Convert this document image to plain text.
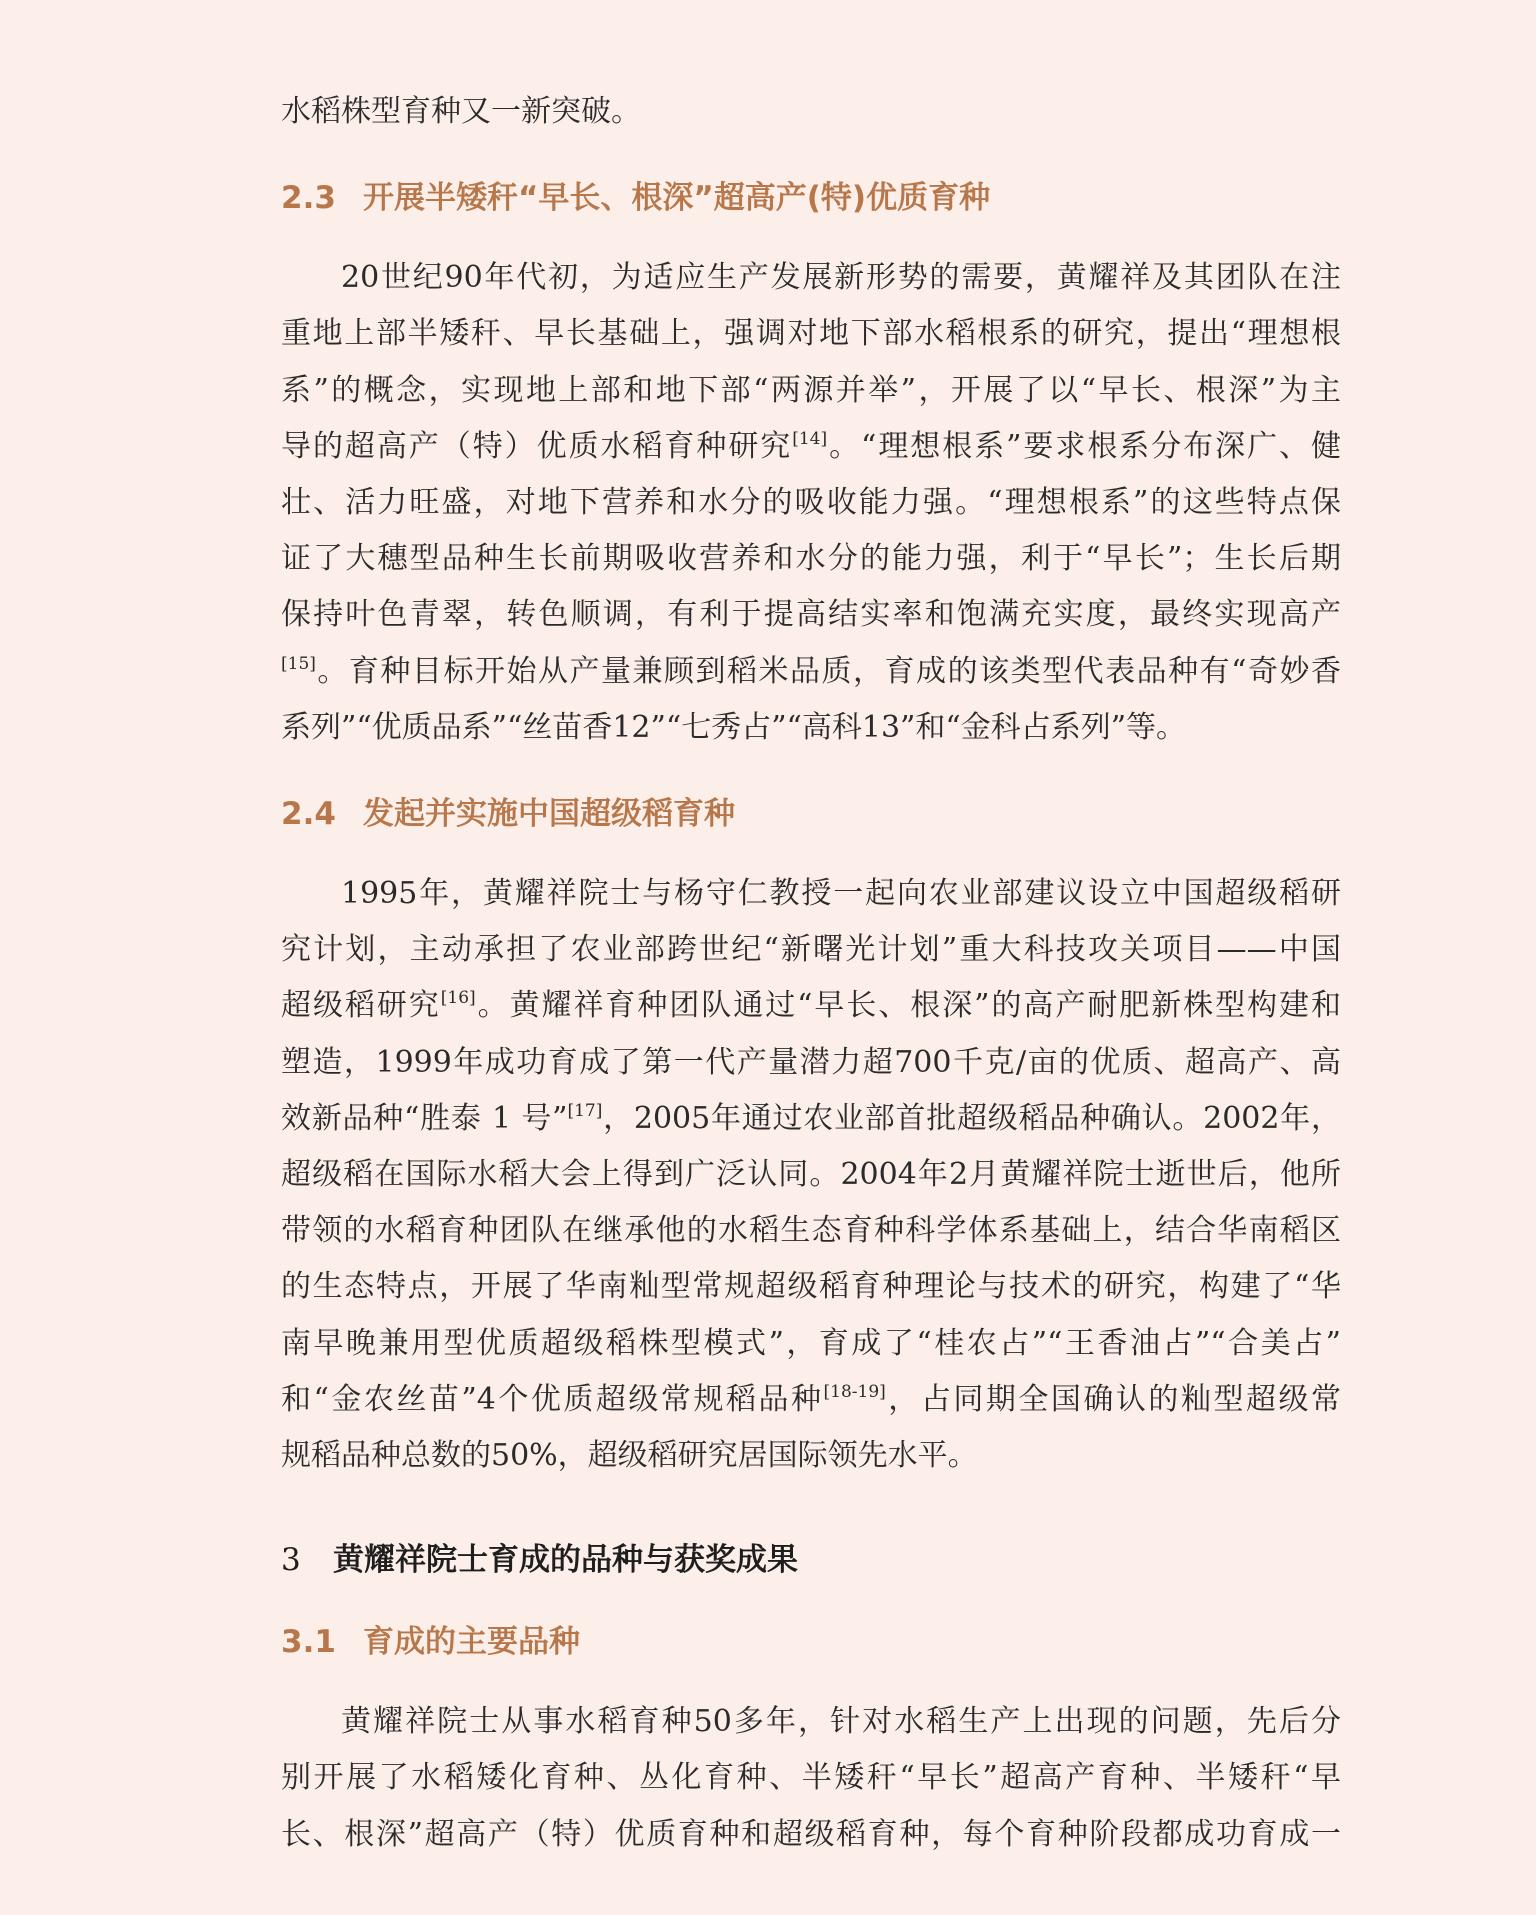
水稻株型育种又一新突破。

2.3 开展半矮秆“早长、根深”超高产(特)优质育种

20世纪90年代初，为适应生产发展新形势的需要，黄耀祥及其团队在注

重地上部半矮秆、早长基础上，强调对地下部水稻根系的研究，提出“理想根

系”的概念，实现地上部和地下部“两源并举”，开展了以“早长、根深”为主

导的超高产（特）优质水稻育种研究[14]。“理想根系”要求根系分布深广、健

壮、活力旺盛，对地下营养和水分的吸收能力强。“理想根系”的这些特点保

证了大穗型品种生长前期吸收营养和水分的能力强，利于“早长”；生长后期

保持叶色青翠，转色顺调，有利于提高结实率和饱满充实度，最终实现高产

[15]。育种目标开始从产量兼顾到稻米品质，育成的该类型代表品种有“奇妙香

系列”“优质品系”“丝苗香12”“七秀占”“高科13”和“金科占系列”等。

2.4 发起并实施中国超级稻育种

1995年，黄耀祥院士与杨守仁教授一起向农业部建议设立中国超级稻研

究计划，主动承担了农业部跨世纪“新曙光计划”重大科技攻关项目——中国

超级稻研究[16]。黄耀祥育种团队通过“早长、根深”的高产耐肥新株型构建和

塑造，1999年成功育成了第一代产量潜力超700千克/亩的优质、超高产、高

效新品种“胜泰 1 号”[17]，2005年通过农业部首批超级稻品种确认。2002年，

超级稻在国际水稻大会上得到广泛认同。2004年2月黄耀祥院士逝世后，他所

带领的水稻育种团队在继承他的水稻生态育种科学体系基础上，结合华南稻区

的生态特点，开展了华南籼型常规超级稻育种理论与技术的研究，构建了“华

南早晚兼用型优质超级稻株型模式”，育成了“桂农占”“王香油占”“合美占”

和“金农丝苗”4个优质超级常规稻品种[18-19]，占同期全国确认的籼型超级常

规稻品种总数的50%，超级稻研究居国际领先水平。

3 黄耀祥院士育成的品种与获奖成果
3.1 育成的主要品种

黄耀祥院士从事水稻育种50多年，针对水稻生产上出现的问题，先后分

别开展了水稻矮化育种、丛化育种、半矮秆“早长”超高产育种、半矮秆“早

长、根深”超高产（特）优质育种和超级稻育种，每个育种阶段都成功育成一
